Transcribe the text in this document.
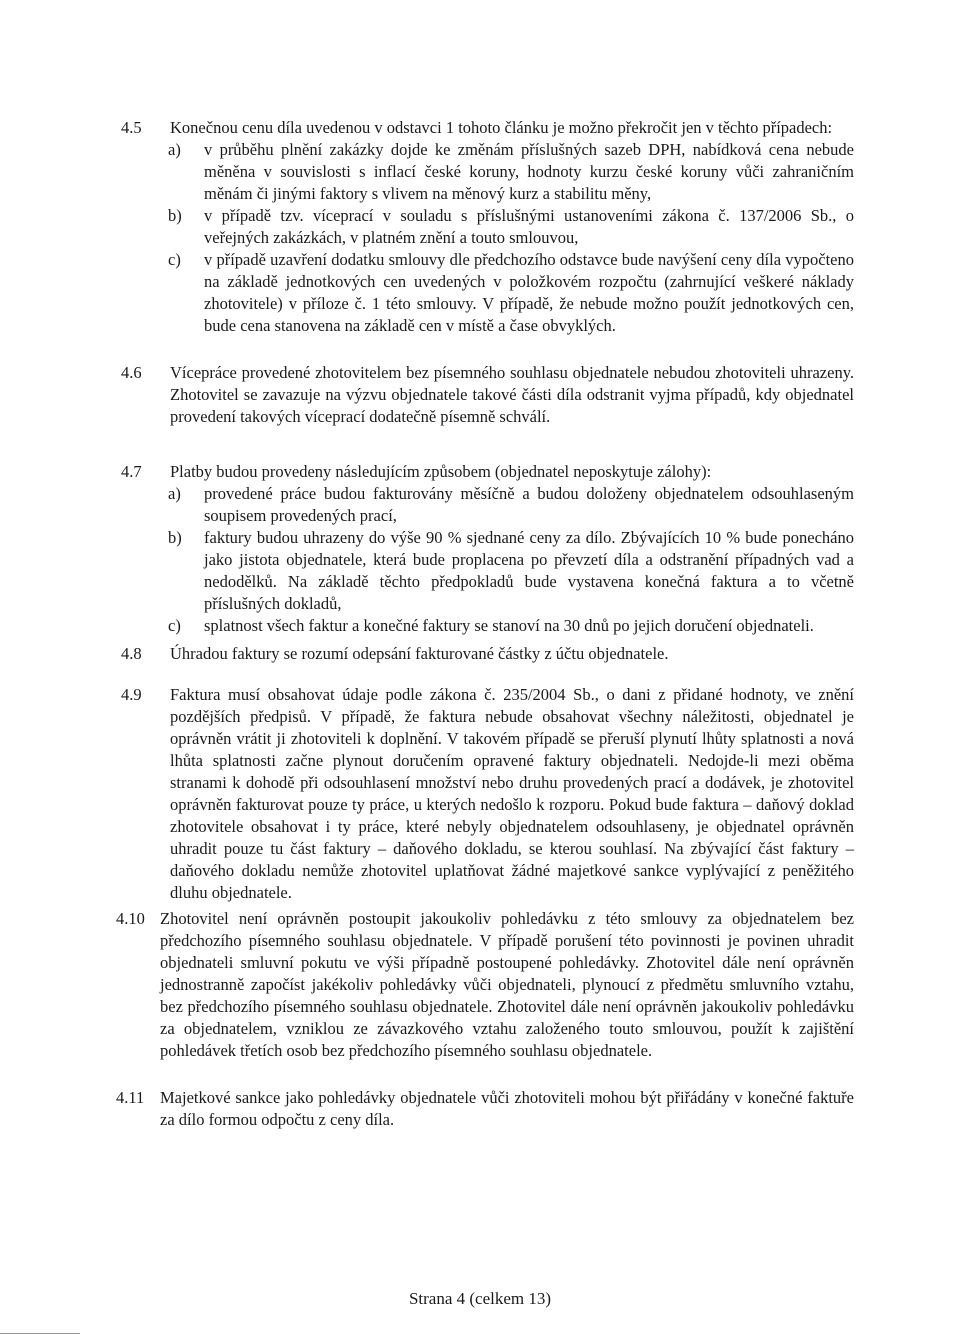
4.5	Konečnou cenu díla uvedenou v odstavci 1 tohoto článku je možno překročit jen v těchto případech:
a) v průběhu plnění zakázky dojde ke změnám příslušných sazeb DPH, nabídková cena nebude měněna v souvislosti s inflací české koruny, hodnoty kurzu české koruny vůči zahraničním měnám či jinými faktory s vlivem na měnový kurz a stabilitu měny,
b) v případě tzv. víceprací v souladu s příslušnými ustanoveními zákona č. 137/2006 Sb., o veřejných zakázkách, v platném znění a touto smlouvou,
c) v případě uzavření dodatku smlouvy dle předchozího odstavce bude navýšení ceny díla vypočteno na základě jednotkových cen uvedených v položkovém rozpočtu (zahrnující veškeré náklady zhotovitele) v příloze č. 1 této smlouvy. V případě, že nebude možno použít jednotkových cen, bude cena stanovena na základě cen v místě a čase obvyklých.
4.6	Vícepráce provedené zhotovitelem bez písemného souhlasu objednatele nebudou zhotoviteli uhrazeny. Zhotovitel se zavazuje na výzvu objednatele takové části díla odstranit vyjma případů, kdy objednatel provedení takových víceprací dodatečně písemně schválí.
4.7	Platby budou provedeny následujícím způsobem (objednatel neposkytuje zálohy):
a) provedené práce budou fakturovány měsíčně a budou doloženy objednatelem odsouhlaseným soupisem provedených prací,
b) faktury budou uhrazeny do výše 90 % sjednané ceny za dílo. Zbývajících 10 % bude ponecháno jako jistota objednatele, která bude proplacena po převzetí díla a odstranění případných vad a nedodělků. Na základě těchto předpokladů bude vystavena konečná faktura a to včetně příslušných dokladů,
c) splatnost všech faktur a konečné faktury se stanoví na 30 dnů po jejich doručení objednateli.
4.8	Úhradou faktury se rozumí odepsání fakturované částky z účtu objednatele.
4.9	Faktura musí obsahovat údaje podle zákona č. 235/2004 Sb., o dani z přidané hodnoty, ve znění pozdějších předpisů. V případě, že faktura nebude obsahovat všechny náležitosti, objednatel je oprávněn vrátit ji zhotoviteli k doplnění. V takovém případě se přeruší plynutí lhůty splatnosti a nová lhůta splatnosti začne plynout doručením opravené faktury objednateli. Nedojde-li mezi oběma stranami k dohodě při odsouhlasení množství nebo druhu provedených prací a dodávek, je zhotovitel oprávněn fakturovat pouze ty práce, u kterých nedošlo k rozporu. Pokud bude faktura – daňový doklad zhotovitele obsahovat i ty práce, které nebyly objednatelem odsouhlaseny, je objednatel oprávněn uhradit pouze tu část faktury – daňového dokladu, se kterou souhlasí. Na zbývající část faktury – daňového dokladu nemůže zhotovitel uplatňovat žádné majetkové sankce vyplývající z peněžitého dluhu objednatele.
4.10 Zhotovitel není oprávněn postoupit jakoukoliv pohledávku z této smlouvy za objednatelem bez předchozího písemného souhlasu objednatele. V případě porušení této povinnosti je povinen uhradit objednateli smluvní pokutu ve výši případně postoupené pohledávky. Zhotovitel dále není oprávněn jednostranně započíst jakékoliv pohledávky vůči objednateli, plynoucí z předmětu smluvního vztahu, bez předchozího písemného souhlasu objednatele. Zhotovitel dále není oprávněn jakoukoliv pohledávku za objednatelem, vzniklou ze závazkového vztahu založeného touto smlouvou, použít k zajištění pohledávek třetích osob bez předchozího písemného souhlasu objednatele.
4.11 Majetkové sankce jako pohledávky objednatele vůči zhotoviteli mohou být přiřádány v konečné faktuře za dílo formou odpočtu z ceny díla.
Strana 4 (celkem 13)
